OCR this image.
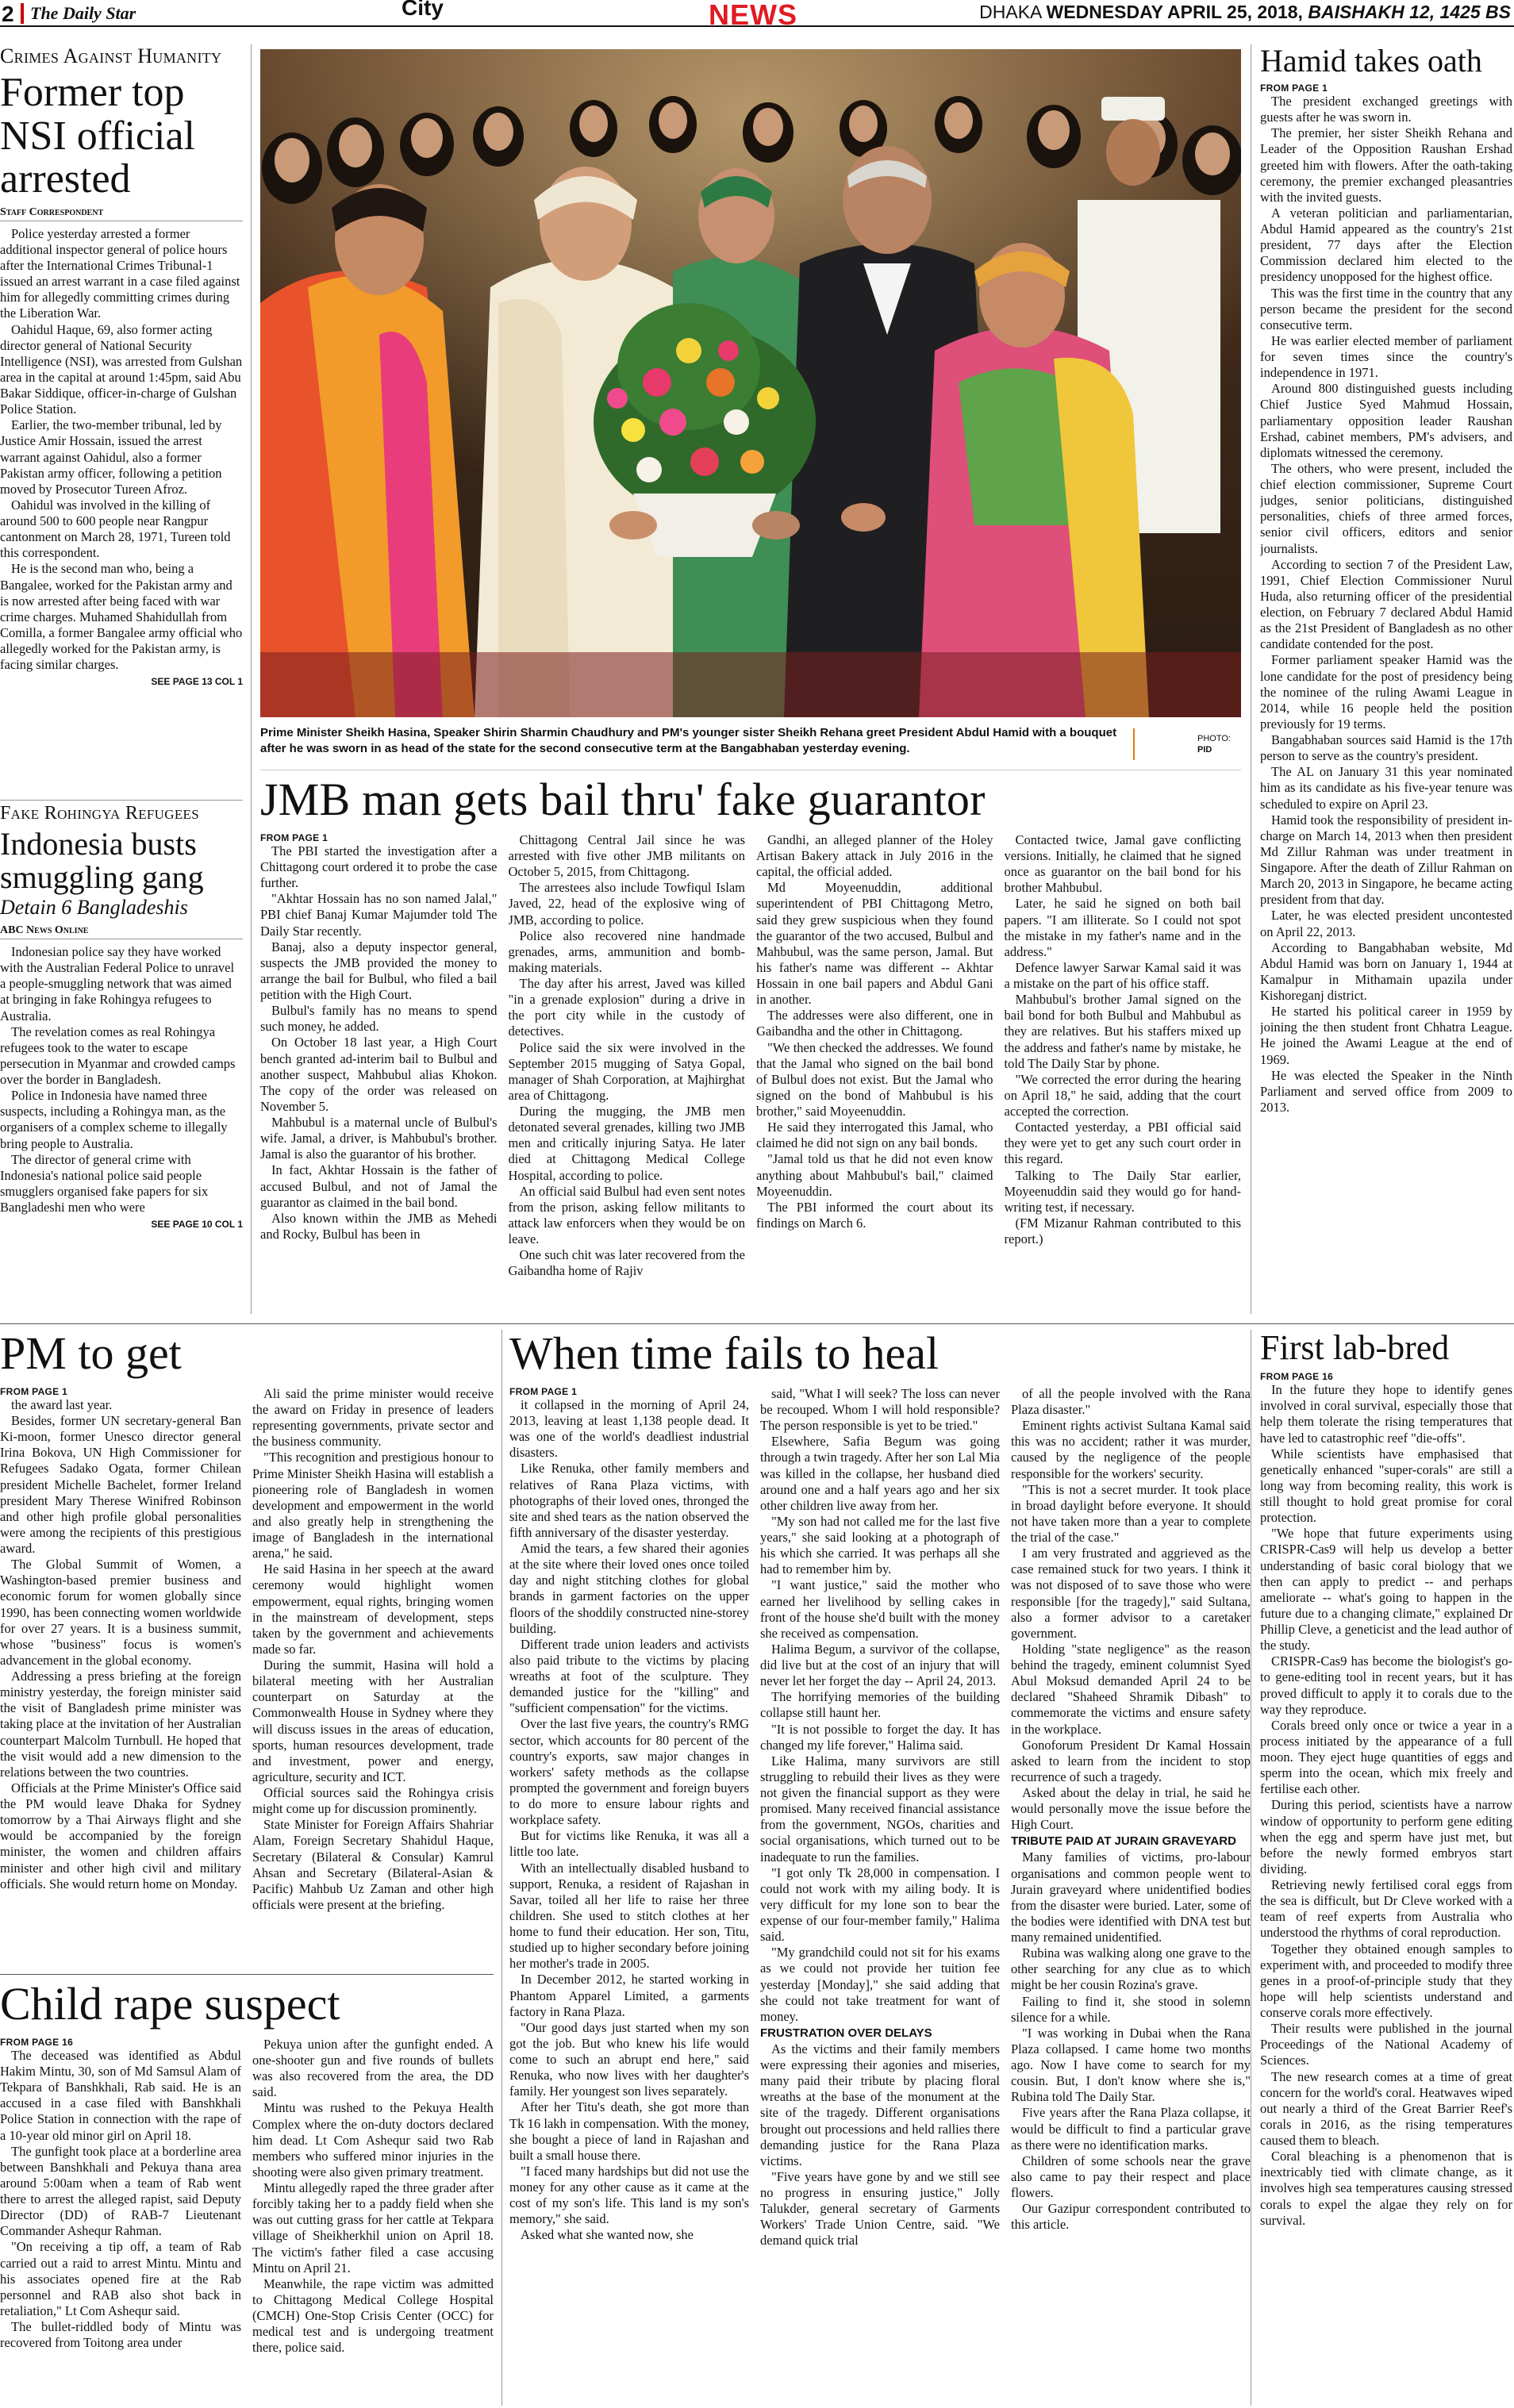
2 The Daily Star	City	NEWS	DHAKA WEDNESDAY APRIL 25, 2018, BAISHAKH 12, 1425 BS
Crimes Against Humanity
Former top NSI official arrested
Staff Correspondent

Police yesterday arrested a former additional inspector general of police hours after the International Crimes Tribunal-1 issued an arrest warrant in a case filed against him for allegedly committing crimes during the Liberation War.

Oahidul Haque, 69, also former acting director general of National Security Intelligence (NSI), was arrested from Gulshan area in the capital at around 1:45pm, said Abu Bakar Siddique, officer-in-charge of Gulshan Police Station.

Earlier, the two-member tribunal, led by Justice Amir Hossain, issued the arrest warrant against Oahidul, also a former Pakistan army officer, following a petition moved by Prosecutor Tureen Afroz.

Oahidul was involved in the killing of around 500 to 600 people near Rangpur cantonment on March 28, 1971, Tureen told this correspondent.

He is the second man who, being a Bangalee, worked for the Pakistan army and is now arrested after being faced with war crime charges. Muhamed Shahidullah from Comilla, a former Bangalee army official who allegedly worked for the Pakistan army, is facing similar charges.

SEE PAGE 13 COL 1
Fake Rohingya Refugees
Indonesia busts smuggling gang
Detain 6 Bangladeshis
ABC News Online

Indonesian police say they have worked with the Australian Federal Police to unravel a people-smuggling network that was aimed at bringing in fake Rohingya refugees to Australia.

The revelation comes as real Rohingya refugees took to the water to escape persecution in Myanmar and crowded camps over the border in Bangladesh.

Police in Indonesia have named three suspects, including a Rohingya man, as the organisers of a complex scheme to illegally bring people to Australia.

The director of general crime with Indonesia's national police said people smugglers organised fake papers for six Bangladeshi men who were

SEE PAGE 10 COL 1
Prime Minister Sheikh Hasina, Speaker Shirin Sharmin Chaudhury and PM's younger sister Sheikh Rehana greet President Abdul Hamid with a bouquet after he was sworn in as head of the state for the second consecutive term at the Bangabhaban yesterday evening.
PHOTO:
PID
JMB man gets bail thru' fake guarantor
FROM PAGE 1

The PBI started the investigation after a Chittagong court ordered it to probe the case further.

"Akhtar Hossain has no son named Jalal," PBI chief Banaj Kumar Majumder told The Daily Star recently.

Banaj, also a deputy inspector general, suspects the JMB provided the money to arrange the bail for Bulbul, who filed a bail petition with the High Court.

Bulbul's family has no means to spend such money, he added.

On October 18 last year, a High Court bench granted ad-interim bail to Bulbul and another suspect, Mahbubul alias Khokon. The copy of the order was released on November 5.

Mahbubul is a maternal uncle of Bulbul's wife. Jamal, a driver, is Mahbubul's brother. Jamal is also the guarantor of his brother.

In fact, Akhtar Hossain is the father of accused Bulbul, and not of Jamal the guarantor as claimed in the bail bond.

Also known within the JMB as Mehedi and Rocky, Bulbul has been in

Chittagong Central Jail since he was arrested with five other JMB militants on October 5, 2015, from Chittagong.

The arrestees also include Towfiqul Islam Javed, 22, head of the explosive wing of JMB, according to police.

Police also recovered nine handmade grenades, arms, ammunition and bomb-making materials.

The day after his arrest, Javed was killed "in a grenade explosion" during a drive in the port city while in the custody of detectives.

Police said the six were involved in the September 2015 mugging of Satya Gopal, manager of Shah Corporation, at Majhirghat area of Chittagong.

During the mugging, the JMB men detonated several grenades, killing two JMB men and critically injuring Satya. He later died at Chittagong Medical College Hospital, according to police.

An official said Bulbul had even sent notes from the prison, asking fellow militants to attack law enforcers when they would be on leave.

One such chit was later recovered from the Gaibandha home of Rajiv

Gandhi, an alleged planner of the Holey Artisan Bakery attack in July 2016 in the capital, the official added.

Md Moyeenuddin, additional superintendent of PBI Chittagong Metro, said they grew suspicious when they found the guarantor of the two accused, Bulbul and Mahbubul, was the same person, Jamal. But his father's name was different -- Akhtar Hossain in one bail papers and Abdul Gani in another.

The addresses were also different, one in Gaibandha and the other in Chittagong.

"We then checked the addresses. We found that the Jamal who signed on the bail bond of Bulbul does not exist. But the Jamal who signed on the bond of Mahbubul is his brother," said Moyeenuddin.

He said they interrogated this Jamal, who claimed he did not sign on any bail bonds.

"Jamal told us that he did not even know anything about Mahbubul's bail," claimed Moyeenuddin.

The PBI informed the court about its findings on March 6.

Contacted twice, Jamal gave conflicting versions. Initially, he claimed that he signed once as guarantor on the bail bond for his brother Mahbubul.

Later, he said he signed on both bail papers. "I am illiterate. So I could not spot the mistake in my father's name and in the address."

Defence lawyer Sarwar Kamal said it was a mistake on the part of his office staff.

Mahbubul's brother Jamal signed on the bail bond for both Bulbul and Mahbubul as they are relatives. But his staffers mixed up the address and father's name by mistake, he told The Daily Star by phone.

"We corrected the error during the hearing on April 18," he said, adding that the court accepted the correction.

Contacted yesterday, a PBI official said they were yet to get any such court order in this regard.

Talking to The Daily Star earlier, Moyeenuddin said they would go for hand-writing test, if necessary.

(FM Mizanur Rahman contributed to this report.)

Hamid takes oath
FROM PAGE 1

The president exchanged greetings with guests after he was sworn in.

The premier, her sister Sheikh Rehana and Leader of the Opposition Raushan Ershad greeted him with flowers. After the oath-taking ceremony, the premier exchanged pleasantries with the invited guests.

A veteran politician and parliamentarian, Abdul Hamid appeared as the country's 21st president, 77 days after the Election Commission declared him elected to the presidency unopposed for the highest office.

This was the first time in the country that any person became the president for the second consecutive term.

He was earlier elected member of parliament for seven times since the country's independence in 1971.

Around 800 distinguished guests including Chief Justice Syed Mahmud Hossain, parliamentary opposition leader Raushan Ershad, cabinet members, PM's advisers, and diplomats witnessed the ceremony.

The others, who were present, included the chief election commissioner, Supreme Court judges, senior politicians, distinguished personalities, chiefs of three armed forces, senior civil officers, editors and senior journalists.

According to section 7 of the President Law, 1991, Chief Election Commissioner Nurul Huda, also returning officer of the presidential election, on February 7 declared Abdul Hamid as the 21st President of Bangladesh as no other candidate contended for the post.

Former parliament speaker Hamid was the lone candidate for the post of presidency being the nominee of the ruling Awami League in 2014, while 16 people held the position previously for 19 terms.

Bangabhaban sources said Hamid is the 17th person to serve as the country's president.

The AL on January 31 this year nominated him as its candidate as his five-year tenure was scheduled to expire on April 23.

Hamid took the responsibility of president in-charge on March 14, 2013 when then president Md Zillur Rahman was under treatment in Singapore. After the death of Zillur Rahman on March 20, 2013 in Singapore, he became acting president from that day.

Later, he was elected president uncontested on April 22, 2013.

According to Bangabhaban website, Md Abdul Hamid was born on January 1, 1944 at Kamalpur in Mithamain upazila under Kishoreganj district.

He started his political career in 1959 by joining the then student front Chhatra League. He joined the Awami League at the end of 1969.

He was elected the Speaker in the Ninth Parliament and served office from 2009 to 2013.

PM to get
FROM PAGE 1

the award last year.

Besides, former UN secretary-general Ban Ki-moon, former Unesco director general Irina Bokova, UN High Commissioner for Refugees Sadako Ogata, former Chilean president Michelle Bachelet, former Ireland president Mary Therese Winifred Robinson and other high profile global personalities were among the recipients of this prestigious award.

The Global Summit of Women, a Washington-based premier business and economic forum for women globally since 1990, has been connecting women worldwide for over 27 years. It is a business summit, whose "business" focus is women's advancement in the global economy.

Addressing a press briefing at the foreign ministry yesterday, the foreign minister said the visit of Bangladesh prime minister was taking place at the invitation of her Australian counterpart Malcolm Turnbull. He hoped that the visit would add a new dimension to the relations between the two countries.

Officials at the Prime Minister's Office said the PM would leave Dhaka for Sydney tomorrow by a Thai Airways flight and she would be accompanied by the foreign minister, the women and children affairs minister and other high civil and military officials. She would return home on Monday.

Ali said the prime minister would receive the award on Friday in presence of leaders representing governments, private sector and the business community.

"This recognition and prestigious honour to Prime Minister Sheikh Hasina will establish a pioneering role of Bangladesh in women development and empowerment in the world and also greatly help in strengthening the image of Bangladesh in the international arena," he said.

He said Hasina in her speech at the award ceremony would highlight women empowerment, equal rights, bringing women in the mainstream of development, steps taken by the government and achievements made so far.

During the summit, Hasina will hold a bilateral meeting with her Australian counterpart on Saturday at the Commonwealth House in Sydney where they will discuss issues in the areas of education, sports, human resources development, trade and investment, power and energy, agriculture, security and ICT.

Official sources said the Rohingya crisis might come up for discussion prominently.

State Minister for Foreign Affairs Shahriar Alam, Foreign Secretary Shahidul Haque, Secretary (Bilateral & Consular) Kamrul Ahsan and Secretary (Bilateral-Asian & Pacific) Mahbub Uz Zaman and other high officials were present at the briefing.

Child rape suspect
FROM PAGE 16

The deceased was identified as Abdul Hakim Mintu, 30, son of Md Samsul Alam of Tekpara of Banshkhali, Rab said. He is an accused in a case filed with Banshkhali Police Station in connection with the rape of a 10-year old minor girl on April 18.

The gunfight took place at a borderline area between Banshkhali and Pekuya thana area around 5:00am when a team of Rab went there to arrest the alleged rapist, said Deputy Director (DD) of RAB-7 Lieutenant Commander Ashequr Rahman.

"On receiving a tip off, a team of Rab carried out a raid to arrest Mintu. Mintu and his associates opened fire at the Rab personnel and RAB also shot back in retaliation," Lt Com Ashequr said.

The bullet-riddled body of Mintu was recovered from Toitong area under

Pekuya union after the gunfight ended. A one-shooter gun and five rounds of bullets was also recovered from the area, the DD said.

Mintu was rushed to the Pekuya Health Complex where the on-duty doctors declared him dead. Lt Com Ashequr said two Rab members who suffered minor injuries in the shooting were also given primary treatment.

Mintu allegedly raped the three grader after forcibly taking her to a paddy field when she was out cutting grass for her cattle at Tekpara village of Sheikherkhil union on April 18. The victim's father filed a case accusing Mintu on April 21.

Meanwhile, the rape victim was admitted to Chittagong Medical College Hospital (CMCH) One-Stop Crisis Center (OCC) for medical test and is undergoing treatment there, police said.

When time fails to heal
FROM PAGE 1

it collapsed in the morning of April 24, 2013, leaving at least 1,138 people dead. It was one of the world's deadliest industrial disasters.

Like Renuka, other family members and relatives of Rana Plaza victims, with photographs of their loved ones, thronged the site and shed tears as the nation observed the fifth anniversary of the disaster yesterday.

Amid the tears, a few shared their agonies at the site where their loved ones once toiled day and night stitching clothes for global brands in garment factories on the upper floors of the shoddily constructed nine-storey building.

Different trade union leaders and activists also paid tribute to the victims by placing wreaths at foot of the sculpture. They demanded justice for the "killing" and "sufficient compensation" for the victims.

Over the last five years, the country's RMG sector, which accounts for 80 percent of the country's exports, saw major changes in workers' safety methods as the collapse prompted the government and foreign buyers to do more to ensure labour rights and workplace safety.

But for victims like Renuka, it was all a little too late.

With an intellectually disabled husband to support, Renuka, a resident of Rajashan in Savar, toiled all her life to raise her three children. She used to stitch clothes at her home to fund their education. Her son, Titu, studied up to higher secondary before joining her mother's trade in 2005.

In December 2012, he started working in Phantom Apparel Limited, a garments factory in Rana Plaza.

"Our good days just started when my son got the job. But who knew his life would come to such an abrupt end here," said Renuka, who now lives with her daughter's family. Her youngest son lives separately.

After her Titu's death, she got more than Tk 16 lakh in compensation. With the money, she bought a piece of land in Rajashan and built a small house there.

"I faced many hardships but did not use the money for any other cause as it came at the cost of my son's life. This land is my son's memory," she said.

Asked what she wanted now, she

said, "What I will seek? The loss can never be recouped. Whom I will hold responsible? The person responsible is yet to be tried."

Elsewhere, Safia Begum was going through a twin tragedy. After her son Lal Mia was killed in the collapse, her husband died around one and a half years ago and her six other children live away from her.

"My son had not called me for the last five years," she said looking at a photograph of his which she carried. It was perhaps all she had to remember him by.

"I want justice," said the mother who earned her livelihood by selling cakes in front of the house she'd built with the money she received as compensation.

Halima Begum, a survivor of the collapse, did live but at the cost of an injury that will never let her forget the day -- April 24, 2013.

The horrifying memories of the building collapse still haunt her.

"It is not possible to forget the day. It has changed my life forever," Halima said.

Like Halima, many survivors are still struggling to rebuild their lives as they were not given the financial support as they were promised. Many received financial assistance from the government, NGOs, charities and social organisations, which turned out to be inadequate to run the families.

"I got only Tk 28,000 in compensation. I could not work with my ailing body. It is very difficult for my lone son to bear the expense of our four-member family," Halima said.

"My grandchild could not sit for his exams as we could not provide her tuition fee yesterday [Monday]," she said adding that she could not take treatment for want of money.

FRUSTRATION OVER DELAYS

As the victims and their family members were expressing their agonies and miseries, many paid their tribute by placing floral wreaths at the base of the monument at the site of the tragedy. Different organisations brought out processions and held rallies there demanding justice for the Rana Plaza victims.

"Five years have gone by and we still see no progress in ensuring justice," Jolly Talukder, general secretary of Garments Workers' Trade Union Centre, said. "We demand quick trial

of all the people involved with the Rana Plaza disaster."

Eminent rights activist Sultana Kamal said this was no accident; rather it was murder, caused by the negligence of the people responsible for the workers' security.

"This is not a secret murder. It took place in broad daylight before everyone. It should not have taken more than a year to complete the trial of the case."

I am very frustrated and aggrieved as the case remained stuck for two years. I think it was not disposed of to save those who were responsible [for the tragedy]," said Sultana, also a former advisor to a caretaker government.

Holding "state negligence" as the reason behind the tragedy, eminent columnist Syed Abul Moksud demanded April 24 to be declared "Shaheed Shramik Dibash" to commemorate the victims and ensure safety in the workplace.

Gonoforum President Dr Kamal Hossain asked to learn from the incident to stop recurrence of such a tragedy.

Asked about the delay in trial, he said he would personally move the issue before the High Court.

TRIBUTE PAID AT JURAIN GRAVEYARD

Many families of victims, pro-labour organisations and common people went to Jurain graveyard where unidentified bodies from the disaster were buried. Later, some of the bodies were identified with DNA test but many remained unidentified.

Rubina was walking along one grave to the other searching for any clue as to which might be her cousin Rozina's grave.

Failing to find it, she stood in solemn silence for a while.

"I was working in Dubai when the Rana Plaza collapsed. I came home two months ago. Now I have come to search for my cousin. But, I don't know where she is," Rubina told The Daily Star.

Five years after the Rana Plaza collapse, it would be difficult to find a particular grave as there were no identification marks.

Children of some schools near the grave also came to pay their respect and place flowers.

Our Gazipur correspondent contributed to this article.

First lab-bred
FROM PAGE 16

In the future they hope to identify genes involved in coral survival, especially those that help them tolerate the rising temperatures that have led to catastrophic reef "die-offs".

While scientists have emphasised that genetically enhanced "super-corals" are still a long way from becoming reality, this work is still thought to hold great promise for coral protection.

"We hope that future experiments using CRISPR-Cas9 will help us develop a better understanding of basic coral biology that we then can apply to predict -- and perhaps ameliorate -- what's going to happen in the future due to a changing climate," explained Dr Phillip Cleve, a geneticist and the lead author of the study.

CRISPR-Cas9 has become the biologist's go-to gene-editing tool in recent years, but it has proved difficult to apply it to corals due to the way they reproduce.

Corals breed only once or twice a year in a process initiated by the appearance of a full moon. They eject huge quantities of eggs and sperm into the ocean, which mix freely and fertilise each other.

During this period, scientists have a narrow window of opportunity to perform gene editing when the egg and sperm have just met, but before the newly formed embryos start dividing.

Retrieving newly fertilised coral eggs from the sea is difficult, but Dr Cleve worked with a team of reef experts from Australia who understood the rhythms of coral reproduction.

Together they obtained enough samples to experiment with, and proceeded to modify three genes in a proof-of-principle study that they hope will help scientists understand and conserve corals more effectively.

Their results were published in the journal Proceedings of the National Academy of Sciences.

The new research comes at a time of great concern for the world's coral. Heatwaves wiped out nearly a third of the Great Barrier Reef's corals in 2016, as the rising temperatures caused them to bleach.

Coral bleaching is a phenomenon that is inextricably tied with climate change, as it involves high sea temperatures causing stressed corals to expel the algae they rely on for survival.
